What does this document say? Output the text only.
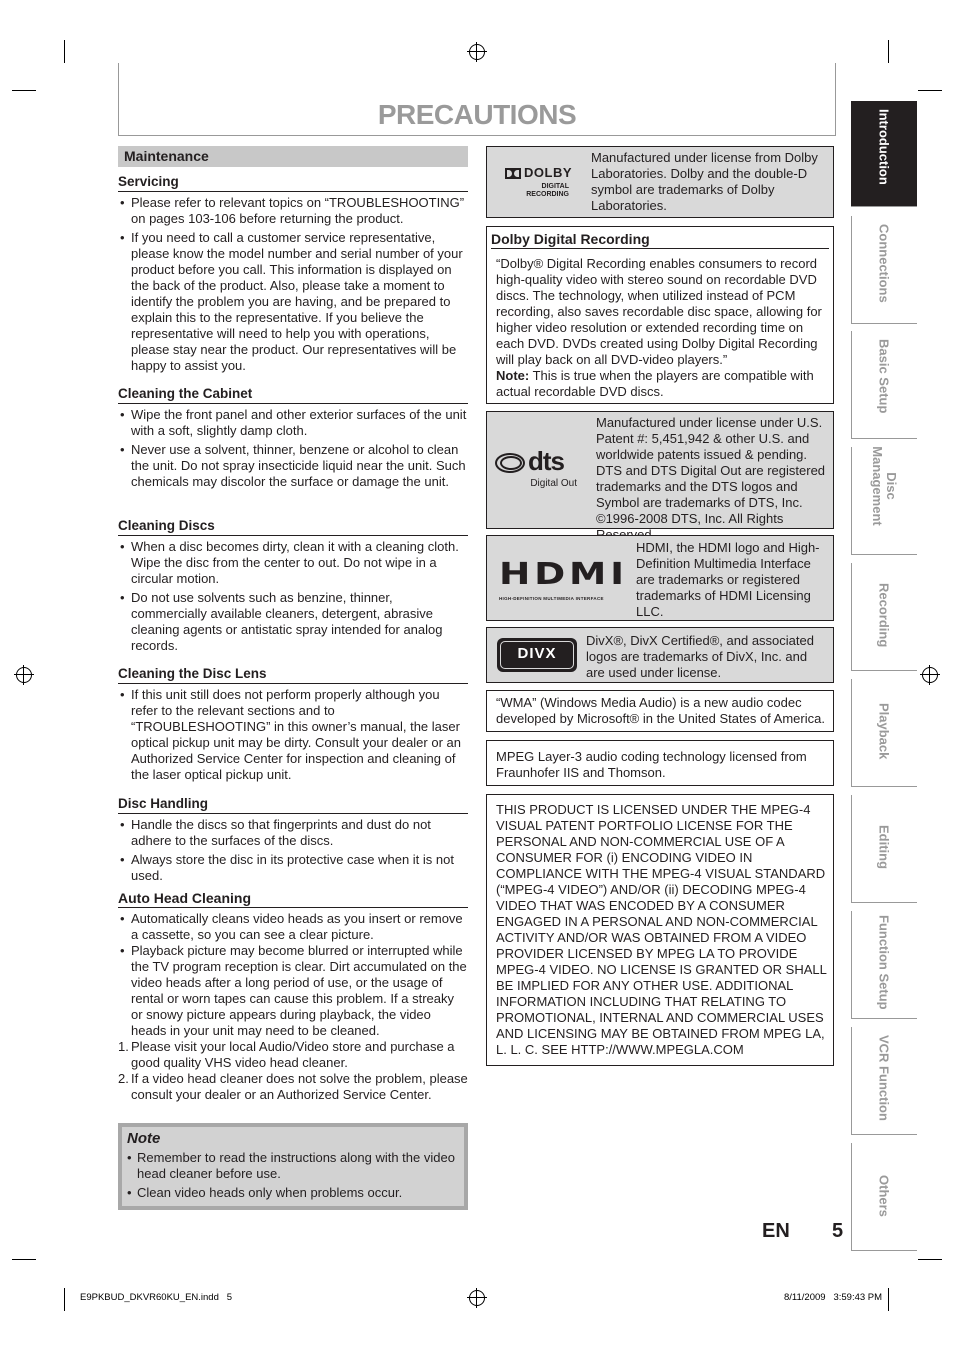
PRECAUTIONS
Maintenance
Servicing
• Please refer to relevant topics on “TROUBLESHOOTING” on pages 103-106 before returning the product.
• If you need to call a customer service representative, please know the model number and serial number of your product before you call. This information is displayed on the back of the product. Also, please take a moment to identify the problem you are having, and be prepared to explain this to the representative. If you believe the representative will need to help you with operations, please stay near the product. Our representatives will be happy to assist you.
Cleaning the Cabinet
• Wipe the front panel and other exterior surfaces of the unit with a soft, slightly damp cloth.
• Never use a solvent, thinner, benzene or alcohol to clean the unit. Do not spray insecticide liquid near the unit. Such chemicals may discolor the surface or damage the unit.
Cleaning Discs
• When a disc becomes dirty, clean it with a cleaning cloth. Wipe the disc from the center to out. Do not wipe in a circular motion.
• Do not use solvents such as benzine, thinner, commercially available cleaners, detergent, abrasive cleaning agents or antistatic spray intended for analog records.
Cleaning the Disc Lens
• If this unit still does not perform properly although you refer to the relevant sections and to “TROUBLESHOOTING” in this owner’s manual, the laser optical pickup unit may be dirty. Consult your dealer or an Authorized Service Center for inspection and cleaning of the laser optical pickup unit.
Disc Handling
• Handle the discs so that fingerprints and dust do not adhere to the surfaces of the discs.
• Always store the disc in its protective case when it is not used.
Auto Head Cleaning
• Automatically cleans video heads as you insert or remove a cassette, so you can see a clear picture.
• Playback picture may become blurred or interrupted while the TV program reception is clear. Dirt accumulated on the video heads after a long period of use, or the usage of rental or worn tapes can cause this problem. If a streaky or snowy picture appears during playback, the video heads in your unit may need to be cleaned.
1. Please visit your local Audio/Video store and purchase a good quality VHS video head cleaner.
2. If a video head cleaner does not solve the problem, please consult your dealer or an Authorized Service Center.
Note
• Remember to read the instructions along with the video head cleaner before use.
• Clean video heads only when problems occur.
DOLBY
DIGITAL
RECORDING
Manufactured under license from Dolby Laboratories. Dolby and the double-D symbol are trademarks of Dolby Laboratories.
Dolby Digital Recording

“Dolby® Digital Recording enables consumers to record high-quality video with stereo sound on recordable DVD discs. The technology, when utilized instead of PCM recording, also saves recordable disc space, allowing for higher video resolution or extended recording time on each DVD. DVDs created using Dolby Digital Recording will play back on all DVD-video players.”

Note: This is true when the players are compatible with actual recordable DVD discs.

dts
Digital Out
Manufactured under license under U.S. Patent #: 5,451,942 & other U.S. and worldwide patents issued & pending. DTS and DTS Digital Out are registered trademarks and the DTS logos and Symbol are trademarks of DTS, Inc. ©1996-2008 DTS, Inc. All Rights
HDMI
HIGH-DEFINITION MULTIMEDIA INTERFACE
HDMI, the HDMI logo and High-Definition Multimedia Interface are trademarks or registered trademarks of HDMI Licensing LLC.
DIVX
DivX®, DivX Certified®, and associated logos are trademarks of DivX, Inc. and are used under license.
“WMA” (Windows Media Audio) is a new audio codec developed by Microsoft® in the United States of America.
MPEG Layer-3 audio coding technology licensed from Fraunhofer IIS and Thomson.
THIS PRODUCT IS LICENSED UNDER THE MPEG-4 VISUAL PATENT PORTFOLIO LICENSE FOR THE PERSONAL AND NON-COMMERCIAL USE OF A CONSUMER FOR (i) ENCODING VIDEO IN COMPLIANCE WITH THE MPEG-4 VISUAL STANDARD (“MPEG-4 VIDEO”) AND/OR (ii) DECODING MPEG-4 VIDEO THAT WAS ENCODED BY A CONSUMER ENGAGED IN A PERSONAL AND NON-COMMERCIAL ACTIVITY AND/OR WAS OBTAINED FROM A VIDEO PROVIDER LICENSED BY MPEG LA TO PROVIDE MPEG-4 VIDEO. NO LICENSE IS GRANTED OR SHALL BE IMPLIED FOR ANY OTHER USE. ADDITIONAL INFORMATION INCLUDING THAT RELATING TO PROMOTIONAL, INTERNAL AND COMMERCIAL USES AND LICENSING MAY BE OBTAINED FROM MPEG LA, L. L. C. SEE HTTP://WWW.MPEGLA.COM
Introduction
Connections
Basic Setup
Disc Management
Recording
Playback
Editing
Function Setup
VCR Function
Others
EN 5
E9PKBUD_DKVR60KU_EN.indd   5	8/11/2009   3:59:43 PM
